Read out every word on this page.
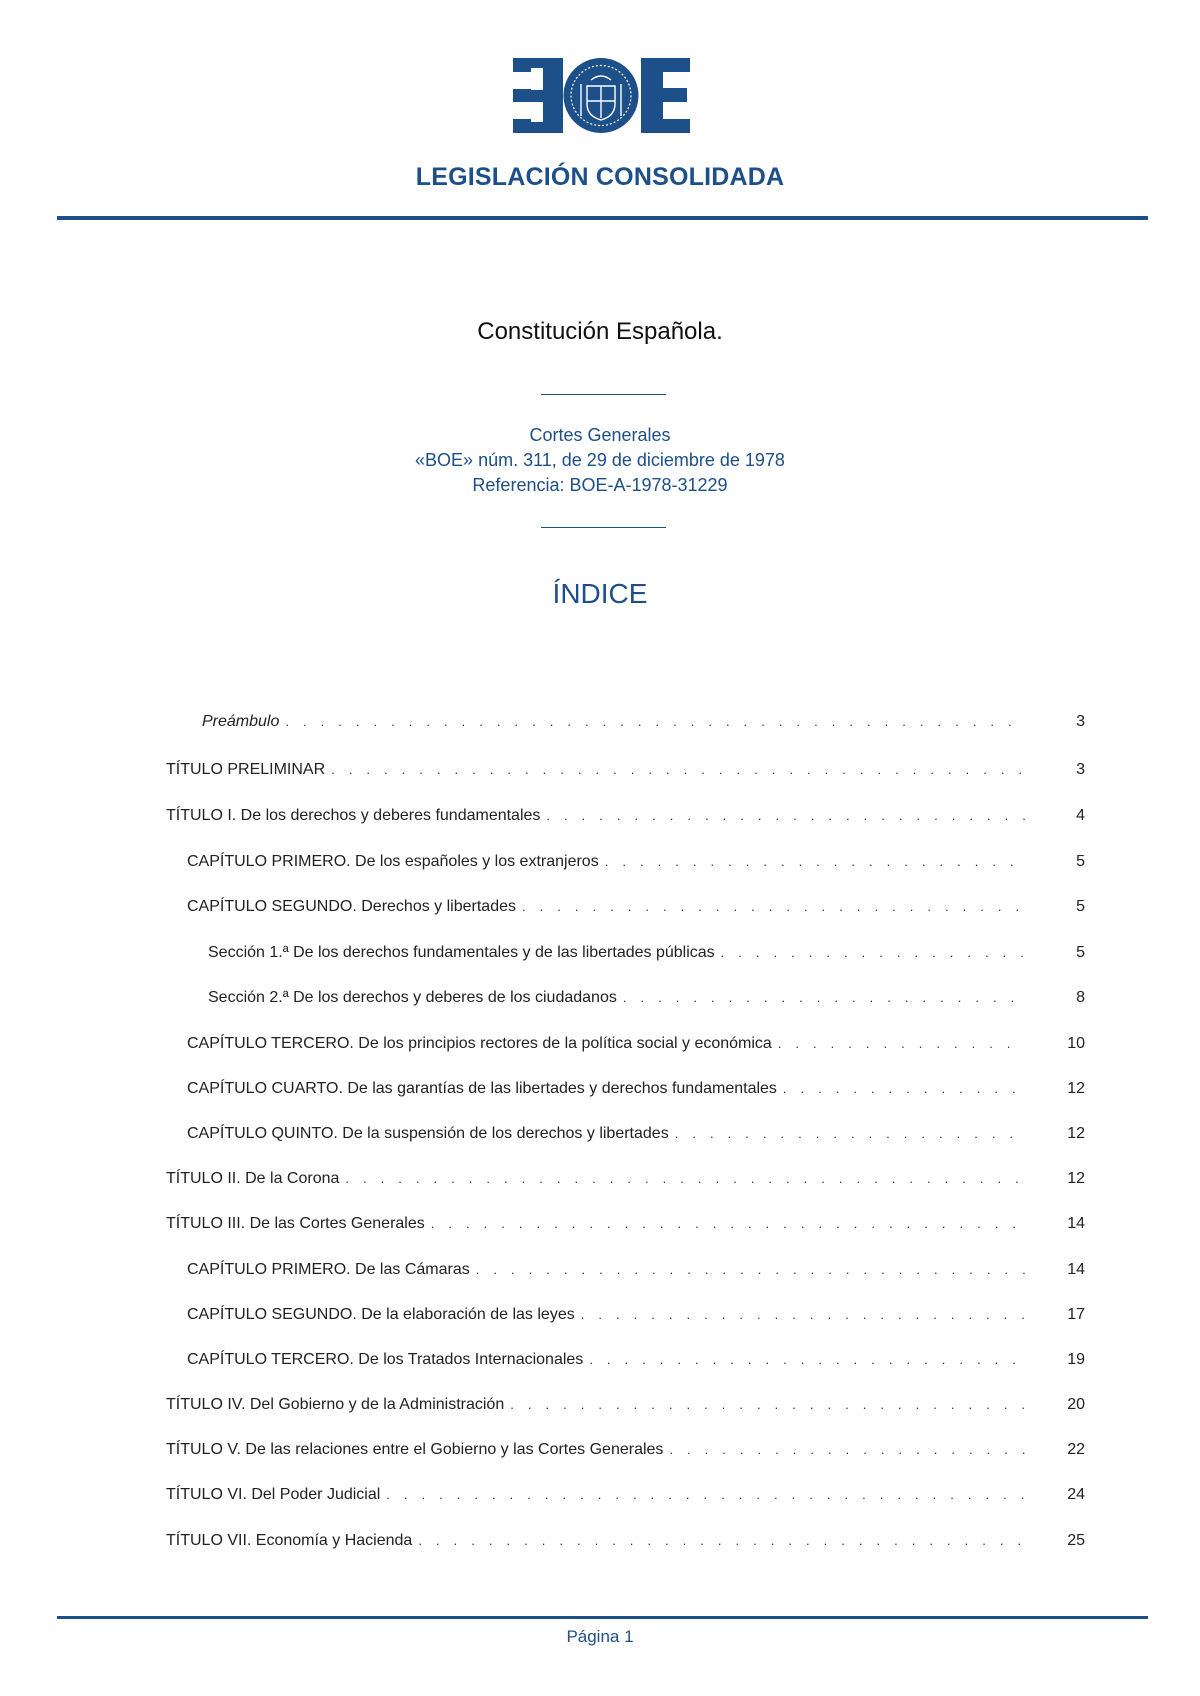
LEGISLACIÓN CONSOLIDADA
Constitución Española.
Cortes Generales
«BOE» núm. 311, de 29 de diciembre de 1978
Referencia: BOE-A-1978-31229
ÍNDICE
Preámbulo . . .	3
TÍTULO PRELIMINAR . . .	3
TÍTULO I. De los derechos y deberes fundamentales . . .	4
CAPÍTULO PRIMERO. De los españoles y los extranjeros . . .	5
CAPÍTULO SEGUNDO. Derechos y libertades . . .	5
Sección 1.ª De los derechos fundamentales y de las libertades públicas . . .	5
Sección 2.ª De los derechos y deberes de los ciudadanos . . .	8
CAPÍTULO TERCERO. De los principios rectores de la política social y económica . . .	10
CAPÍTULO CUARTO. De las garantías de las libertades y derechos fundamentales . . .	12
CAPÍTULO QUINTO. De la suspensión de los derechos y libertades . . .	12
TÍTULO II. De la Corona . . .	12
TÍTULO III. De las Cortes Generales . . .	14
CAPÍTULO PRIMERO. De las Cámaras . . .	14
CAPÍTULO SEGUNDO. De la elaboración de las leyes . . .	17
CAPÍTULO TERCERO. De los Tratados Internacionales . . .	19
TÍTULO IV. Del Gobierno y de la Administración . . .	20
TÍTULO V. De las relaciones entre el Gobierno y las Cortes Generales . . .	22
TÍTULO VI. Del Poder Judicial . . .	24
TÍTULO VII. Economía y Hacienda . . .	25
Página 1
